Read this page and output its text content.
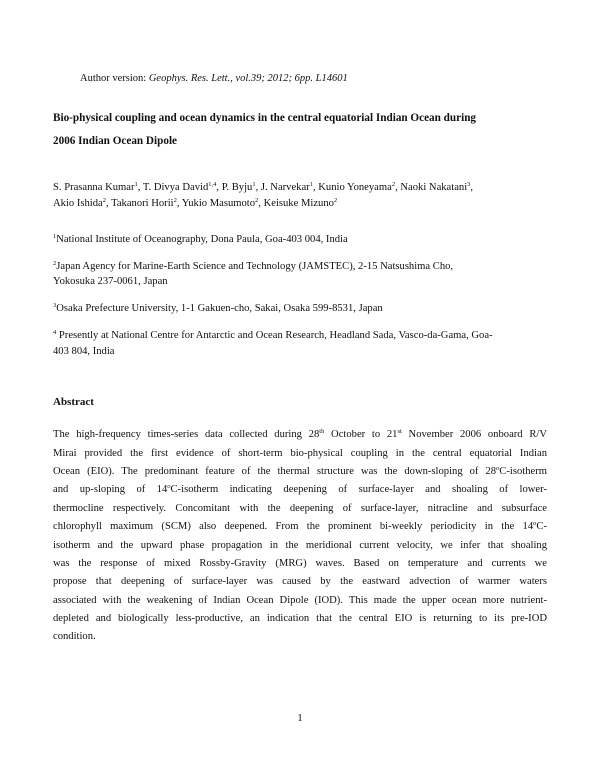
Author version: Geophys. Res. Lett., vol.39; 2012; 6pp. L14601
Bio-physical coupling and ocean dynamics in the central equatorial Indian Ocean during
2006 Indian Ocean Dipole
S. Prasanna Kumar$^1$, T. Divya David$^{1,4}$, P. Byju$^1$, J. Narvekar$^1$, Kunio Yoneyama$^2$, Naoki Nakatani$^3$,
Akio Ishida$^2$, Takanori Horii$^2$, Yukio Masumoto$^2$, Keisuke Mizuno$^2$
$^1$National Institute of Oceanography, Dona Paula, Goa-403 004, India
$^2$Japan Agency for Marine-Earth Science and Technology (JAMSTEC), 2-15 Natsushima Cho,
Yokosuka 237-0061, Japan
$^3$Osaka Prefecture University, 1-1 Gakuen-cho, Sakai, Osaka 599-8531, Japan
$^4$ Presently at National Centre for Antarctic and Ocean Research, Headland Sada, Vasco-da-Gama, Goa-
403 804, India
Abstract
The high-frequency times-series data collected during 28th October to 21st November 2006 onboard R/V
Mirai provided the first evidence of short-term bio-physical coupling in the central equatorial Indian
Ocean (EIO). The predominant feature of the thermal structure was the down-sloping of 28$^o$C-isotherm
and up-sloping of 14$^o$C-isotherm indicating deepening of surface-layer and shoaling of lower-
thermocline respectively. Concomitant with the deepening of surface-layer, nitracline and subsurface
chlorophyll maximum (SCM) also deepened. From the prominent bi-weekly periodicity in the 14$^o$C-
isotherm and the upward phase propagation in the meridional current velocity, we infer that shoaling
was the response of mixed Rossby-Gravity (MRG) waves. Based on temperature and currents we
propose that deepening of surface-layer was caused by the eastward advection of warmer waters
associated with the weakening of Indian Ocean Dipole (IOD). This made the upper ocean more nutrient-
depleted and biologically less-productive, an indication that the central EIO is returning to its pre-IOD
condition.
1
